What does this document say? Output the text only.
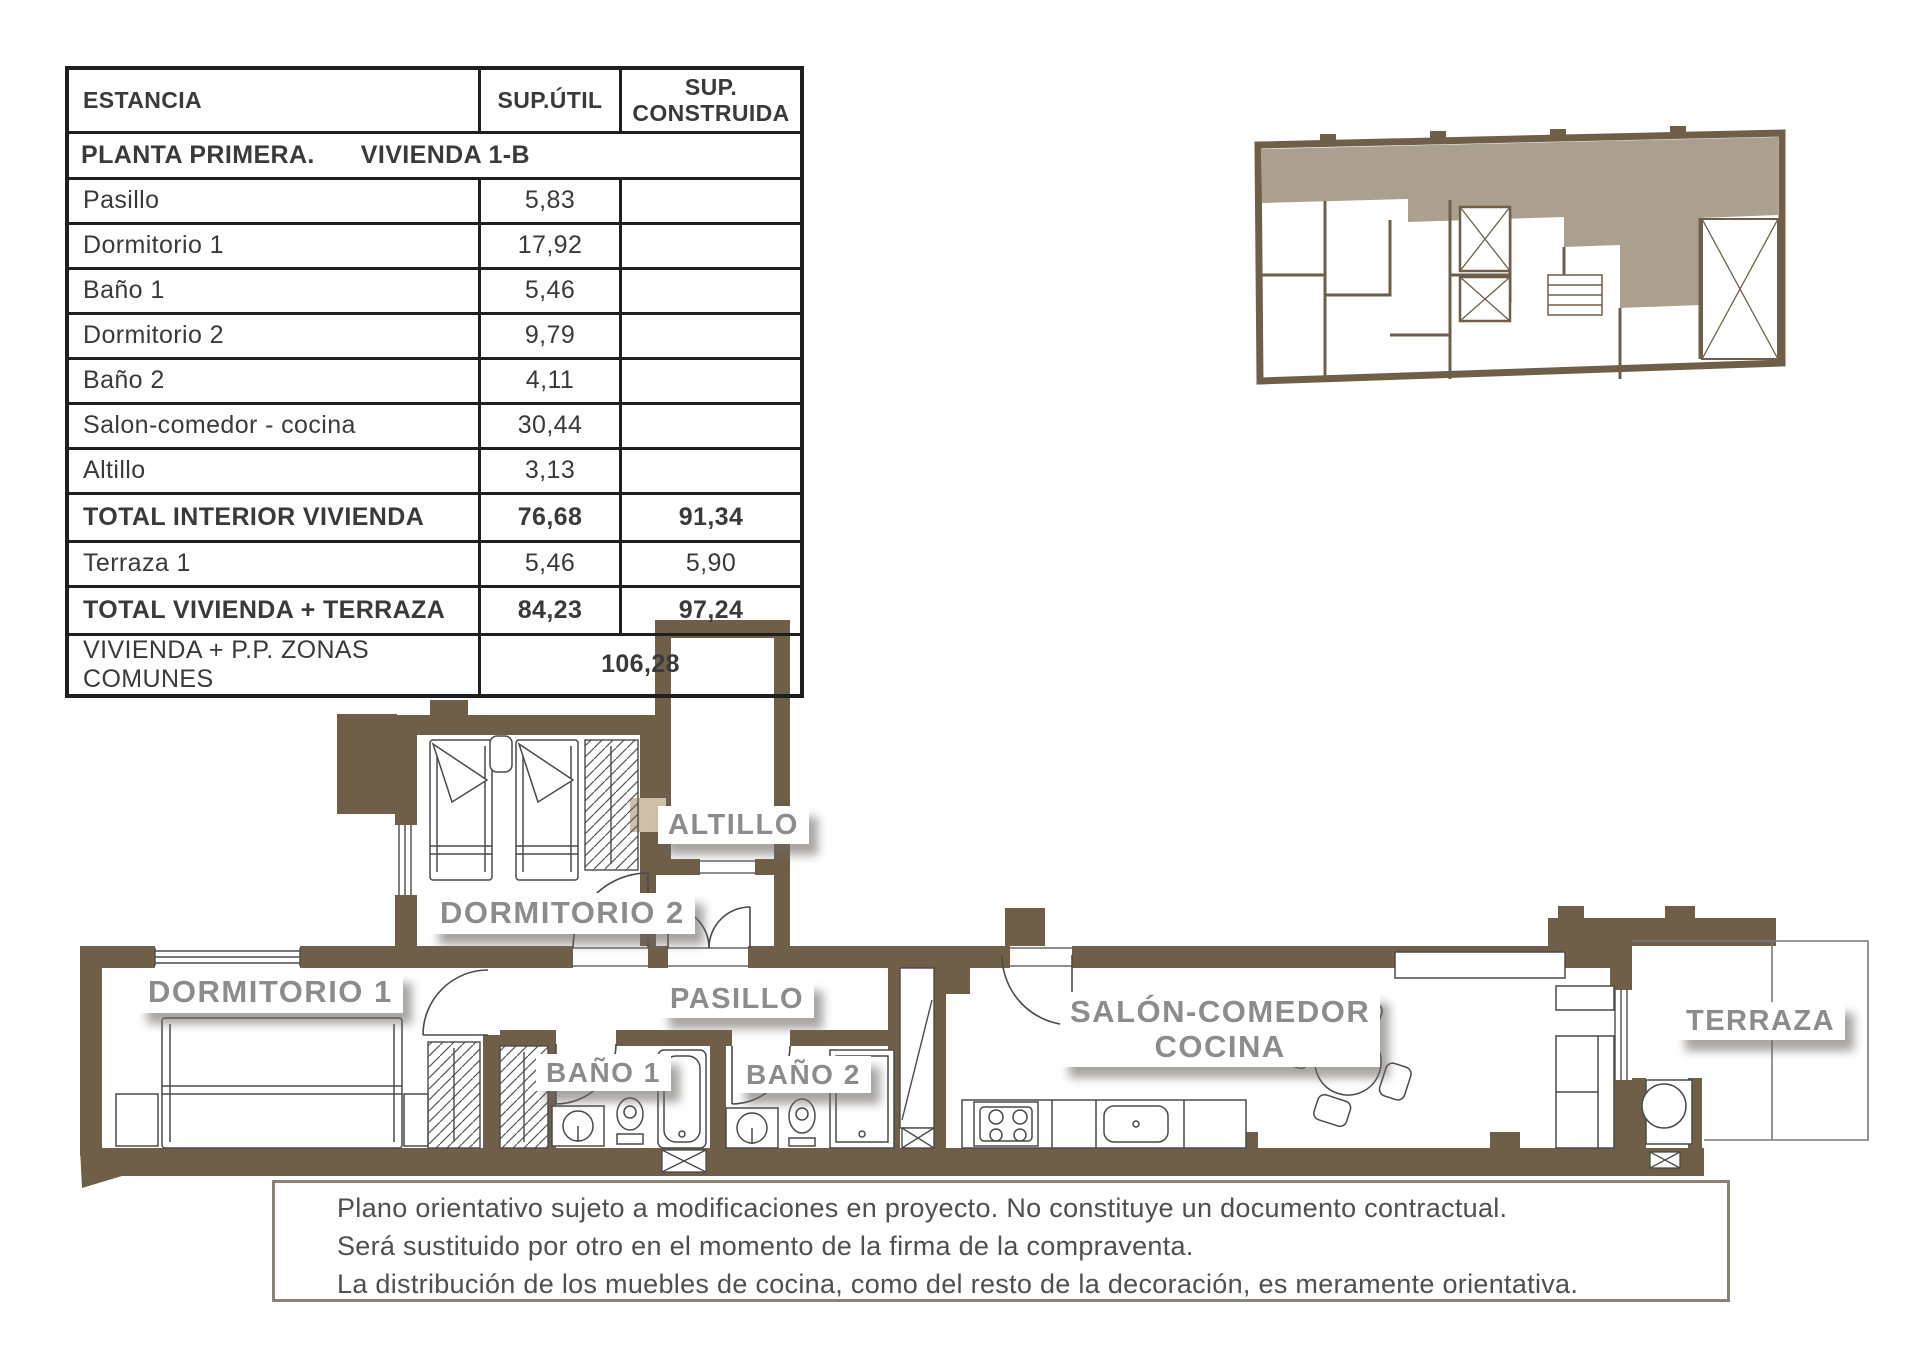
ESTANCIA	SUP.ÚTIL	SUP. CONSTRUIDA
PLANTA PRIMERA. VIVIENDA 1-B		
Pasillo	5,83	
Dormitorio 1	17,92	
Baño 1	5,46	
Dormitorio 2	9,79	
Baño 2	4,11	
Salon-comedor - cocina	30,44	
Altillo	3,13	
TOTAL INTERIOR VIVIENDA	76,68	91,34
Terraza 1	5,46	5,90
TOTAL VIVIENDA + TERRAZA	84,23	97,24
VIVIENDA + P.P. ZONAS COMUNES	106,28	
ALTILLO
DORMITORIO 2
DORMITORIO 1	PASILLO
BAÑO 1	BAÑO 2
SALÓN-COMEDOR
COCINA
TERRAZA

Plano orientativo sujeto a modificaciones en proyecto. No constituye un documento contractual.

Será sustituido por otro en el momento de la firma de la compraventa.

La distribución de los muebles de cocina, como del resto de la decoración, es meramente orientativa.
